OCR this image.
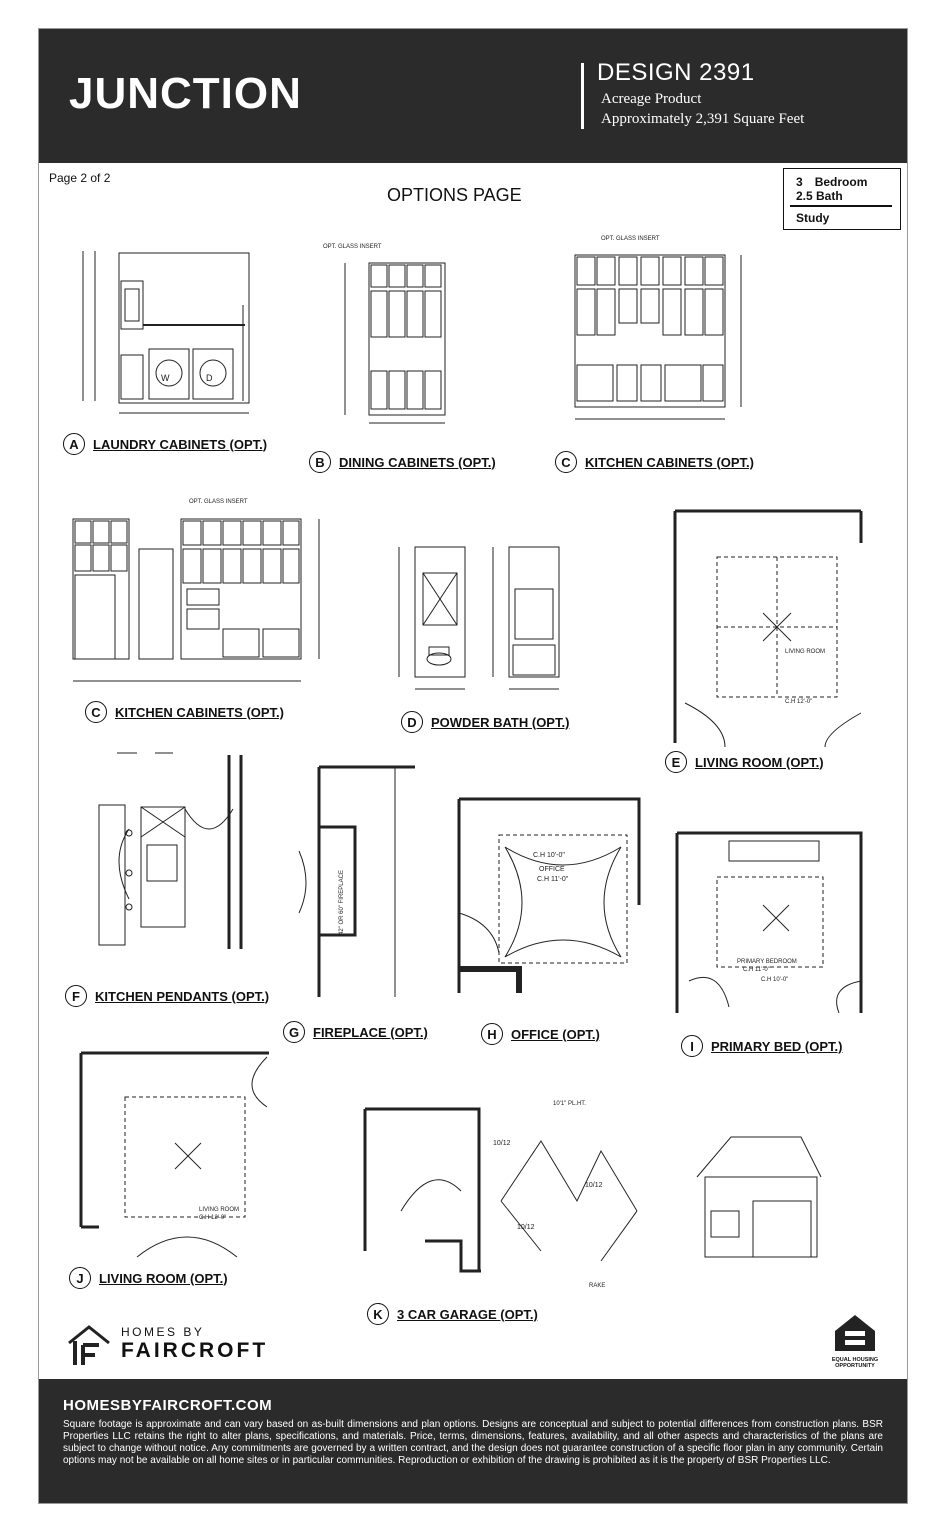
JUNCTION	DESIGN 2391
Acreage Product
Approximately 2,391 Square Feet
Page 2 of 2
OPTIONS PAGE
3 Bedroom
2.5 Bath
Study
W	D
OPT. GLASS INSERT
OPT. GLASS INSERT
A	LAUNDRY CABINETS (OPT.)
B	DINING CABINETS (OPT.)	C	KITCHEN CABINETS (OPT.)
OPT. GLASS INSERT
LIVING ROOM
C.H 12'-0"
C	KITCHEN CABINETS (OPT.)
D	POWDER BATH (OPT.)
E	LIVING ROOM (OPT.)
42" OR 60" FIREPLACE
C.H 10'-0"
OFFICE
C.H 11'-0"
PRIMARY BEDROOM
C.H 11'-0"
C.H 10'-0"
F	KITCHEN PENDANTS (OPT.)
G	FIREPLACE (OPT.)	H	OFFICE (OPT.)
I	PRIMARY BED (OPT.)
LIVING ROOM
C.H 12'-0"
10/12
10/12
10/12
10'1" PL.HT.
RAKE
J	LIVING ROOM (OPT.)
K	3 CAR GARAGE (OPT.)
HOMES BY
FAIRCROFT	EQUAL HOUSING OPPORTUNITY
HOMESBYFAIRCROFT.COM
Square footage is approximate and can vary based on as-built dimensions and plan options. Designs are conceptual and subject to potential differences from construction plans. BSR Properties LLC retains the right to alter plans, specifications, and materials. Price, terms, dimensions, features, availability, and all other aspects and characteristics of the plans are subject to change without notice. Any commitments are governed by a written contract, and the design does not guarantee construction of a specific floor plan in any community. Certain options may not be available on all home sites or in particular communities. Reproduction or exhibition of the drawing is prohibited as it is the property of BSR Properties LLC.
